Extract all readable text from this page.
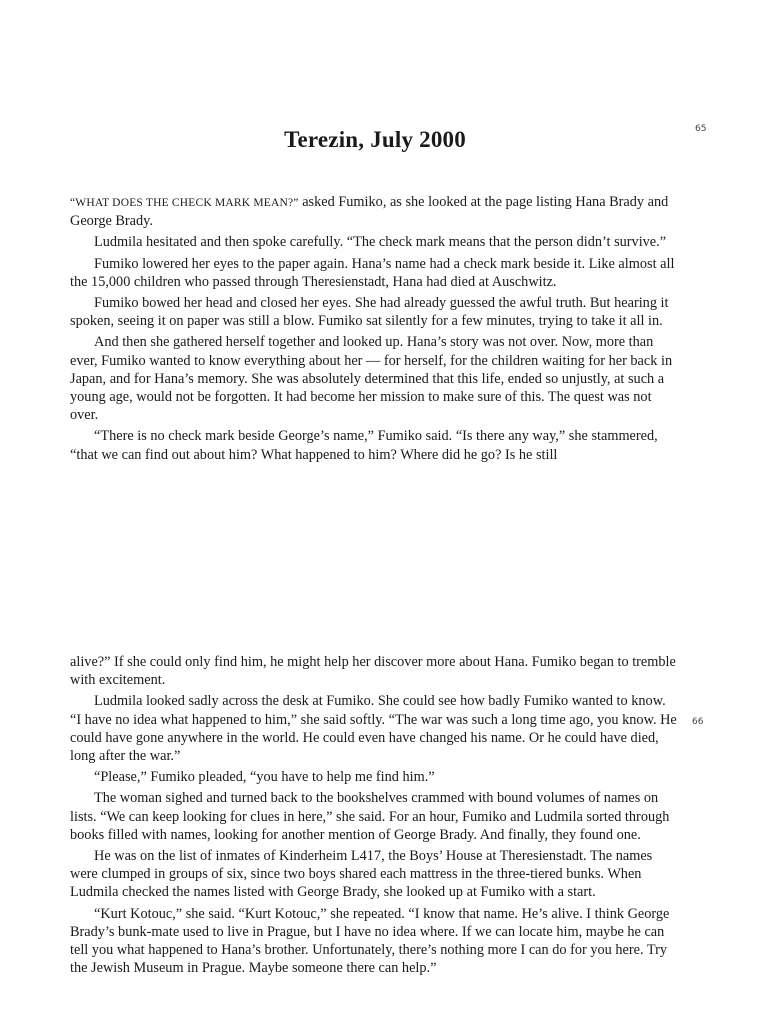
Terezin, July 2000	65
66

“WHAT DOES THE CHECK MARK MEAN?” asked Fumiko, as she looked at the page listing Hana Brady and George Brady.

Ludmila hesitated and then spoke carefully. “The check mark means that the person didn’t survive.”

Fumiko lowered her eyes to the paper again. Hana’s name had a check mark beside it. Like almost all the 15,000 children who passed through Theresienstadt, Hana had died at Auschwitz.

Fumiko bowed her head and closed her eyes. She had already guessed the awful truth. But hearing it spoken, seeing it on paper was still a blow. Fumiko sat silently for a few minutes, trying to take it all in.

And then she gathered herself together and looked up. Hana’s story was not over. Now, more than ever, Fumiko wanted to know everything about her — for herself, for the children waiting for her back in Japan, and for Hana’s memory. She was absolutely determined that this life, ended so unjustly, at such a young age, would not be forgotten. It had become her mission to make sure of this. The quest was not over.

“There is no check mark beside George’s name,” Fumiko said. “Is there any way,” she stammered, “that we can find out about him? What happened to him? Where did he go? Is he still

alive?” If she could only find him, he might help her discover more about Hana. Fumiko began to tremble with excitement.

Ludmila looked sadly across the desk at Fumiko. She could see how badly Fumiko wanted to know. “I have no idea what happened to him,” she said softly. “The war was such a long time ago, you know. He could have gone anywhere in the world. He could even have changed his name. Or he could have died, long after the war.”

“Please,” Fumiko pleaded, “you have to help me find him.”

The woman sighed and turned back to the bookshelves crammed with bound volumes of names on lists. “We can keep looking for clues in here,” she said. For an hour, Fumiko and Ludmila sorted through books filled with names, looking for another mention of George Brady. And finally, they found one.

He was on the list of inmates of Kinderheim L417, the Boys’ House at Theresienstadt. The names were clumped in groups of six, since two boys shared each mattress in the three-tiered bunks. When Ludmila checked the names listed with George Brady, she looked up at Fumiko with a start.

“Kurt Kotouc,” she said. “Kurt Kotouc,” she repeated. “I know that name. He’s alive. I think George Brady’s bunk-mate used to live in Prague, but I have no idea where. If we can locate him, maybe he can tell you what happened to Hana’s brother. Unfortunately, there’s nothing more I can do for you here. Try the Jewish Museum in Prague. Maybe someone there can help.”
